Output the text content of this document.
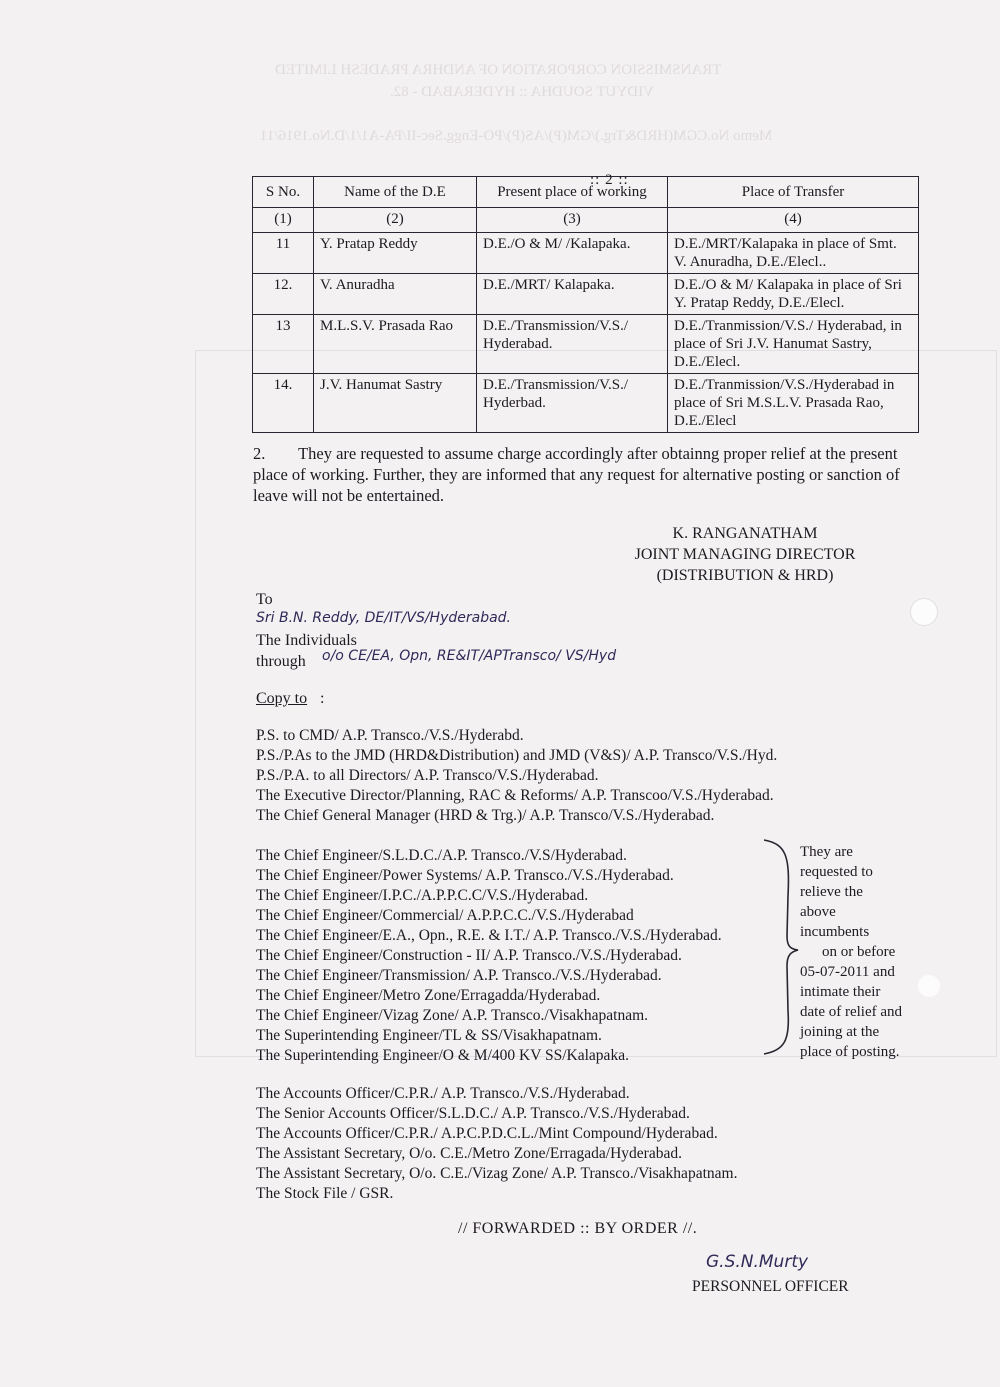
TRANSMISSION CORPORATION OF ANDHRA PRADESH LIMITED
VIDYUT SOUDHA :: HYDERABAD - 82.
Memo No.CGM(HRD&Trg.)/GM(P)/AS(P)/PO-Engg.Sec-II/PA-A1/1/D.No.1916/11
:: 2 ::
S No.	Name of the D.E	Present place of working	Place of Transfer
(1)	(2)	(3)	(4)
11	Y. Pratap Reddy	D.E./O & M/ /Kalapaka.	D.E./MRT/Kalapaka in place of Smt. V. Anuradha, D.E./Elecl..
12.	V. Anuradha	D.E./MRT/ Kalapaka.	D.E./O & M/ Kalapaka in place of Sri Y. Pratap Reddy, D.E./Elecl.
13	M.L.S.V. Prasada Rao	D.E./Transmission/V.S./ Hyderabad.	D.E./Tranmission/V.S./ Hyderabad, in place of Sri J.V. Hanumat Sastry, D.E./Elecl.
14.	J.V. Hanumat Sastry	D.E./Transmission/V.S./ Hyderbad.	D.E./Tranmission/V.S./Hyderabad in place of Sri M.S.L.V. Prasada Rao, D.E./Elecl
2.        They are requested to assume charge accordingly after obtainng proper relief at the present place of working. Further, they are informed that any request for alternative posting or sanction of leave will not be entertained.
K. RANGANATHAM
JOINT MANAGING DIRECTOR
(DISTRIBUTION & HRD)
To
Sri B.N. Reddy, DE/IT/VS/Hyderabad.
The Individuals
through	o/o CE/EA, Opn, RE&IT/APTransco/ VS/Hyd
Copy to :
P.S. to CMD/ A.P. Transco./V.S./Hyderabd.
P.S./P.As to the JMD (HRD&Distribution) and JMD (V&S)/ A.P. Transco/V.S./Hyd.
P.S./P.A. to all Directors/ A.P. Transco/V.S./Hyderabad.
The Executive Director/Planning, RAC & Reforms/ A.P. Transcoo/V.S./Hyderabad.
The Chief General Manager (HRD & Trg.)/ A.P. Transco/V.S./Hyderabad.
The Chief Engineer/S.L.D.C./A.P. Transco./V.S/Hyderabad.
The Chief Engineer/Power Systems/ A.P. Transco./V.S./Hyderabad.
The Chief Engineer/I.P.C./A.P.P.C.C/V.S./Hyderabad.
The Chief Engineer/Commercial/ A.P.P.C.C./V.S./Hyderabad
The Chief Engineer/E.A., Opn., R.E. & I.T./ A.P. Transco./V.S./Hyderabad.
The Chief Engineer/Construction - II/ A.P. Transco./V.S./Hyderabad.
The Chief Engineer/Transmission/ A.P. Transco./V.S./Hyderabad.
The Chief Engineer/Metro Zone/Erragadda/Hyderabad.
The Chief Engineer/Vizag Zone/ A.P. Transco./Visakhapatnam.
The Superintending Engineer/TL & SS/Visakhapatnam.
The Superintending Engineer/O & M/400 KV SS/Kalapaka.
They are
requested to
relieve the
above
incumbents
on or before
05-07-2011 and
intimate their
date of relief and
joining at the
place of posting.
The Accounts Officer/C.P.R./ A.P. Transco./V.S./Hyderabad.
The Senior Accounts Officer/S.L.D.C./ A.P. Transco./V.S./Hyderabad.
The Accounts Officer/C.P.R./ A.P.C.P.D.C.L./Mint Compound/Hyderabad.
The Assistant Secretary, O/o. C.E./Metro Zone/Erragada/Hyderabad.
The Assistant Secretary, O/o. C.E./Vizag Zone/ A.P. Transco./Visakhapatnam.
The Stock File / GSR.
// FORWARDED :: BY ORDER //.
G.S.N.Murty
PERSONNEL OFFICER
